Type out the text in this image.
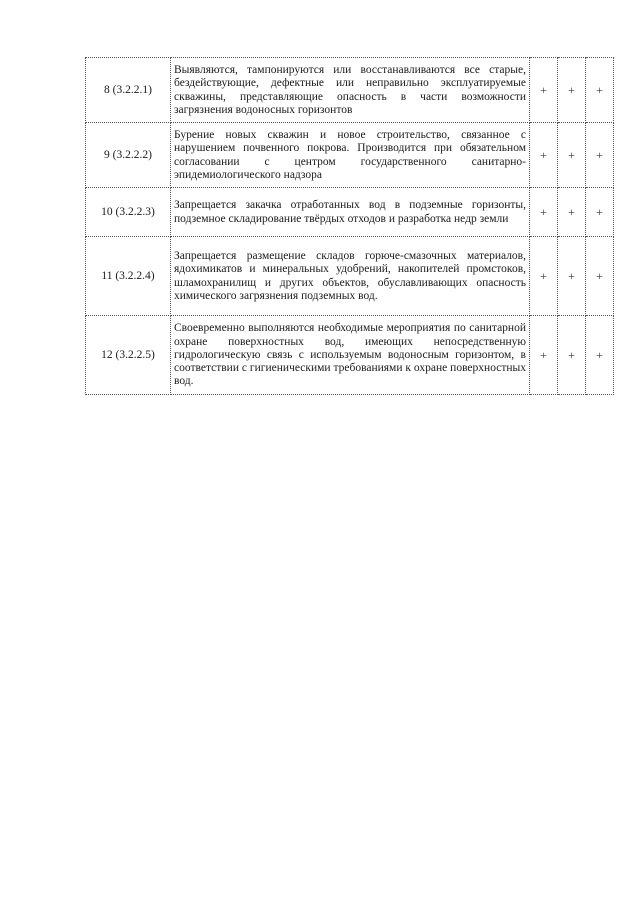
8 (3.2.2.1)	Выявляются, тампонируются или восстанавливаются все старые, бездействующие, дефектные или неправильно эксплуатируемые скважины, представляющие опасность в части возможности загрязнения водоносных горизонтов	+	+	+
9 (3.2.2.2)	Бурение новых скважин и новое строительство, связанное с нарушением почвенного покрова. Производится при обязательном согласовании с центром государственного санитарно-эпидемиологического надзора	+	+	+
10 (3.2.2.3)	Запрещается закачка отработанных вод в подземные горизонты, подземное складирование твёрдых отходов и разработка недр земли	+	+	+
11 (3.2.2.4)	Запрещается размещение складов горюче-смазочных материалов, ядохимикатов и минеральных удобрений, накопителей промстоков, шламохранилищ и других объектов, обуславливающих опасность химического загрязнения подземных вод.	+	+	+
12 (3.2.2.5)	Своевременно выполняются необходимые мероприятия по санитарной охране поверхностных вод, имеющих непосредственную гидрологическую связь с используемым водоносным горизонтом, в соответствии с гигиеническими требованиями к охране поверхностных вод.	+	+	+
